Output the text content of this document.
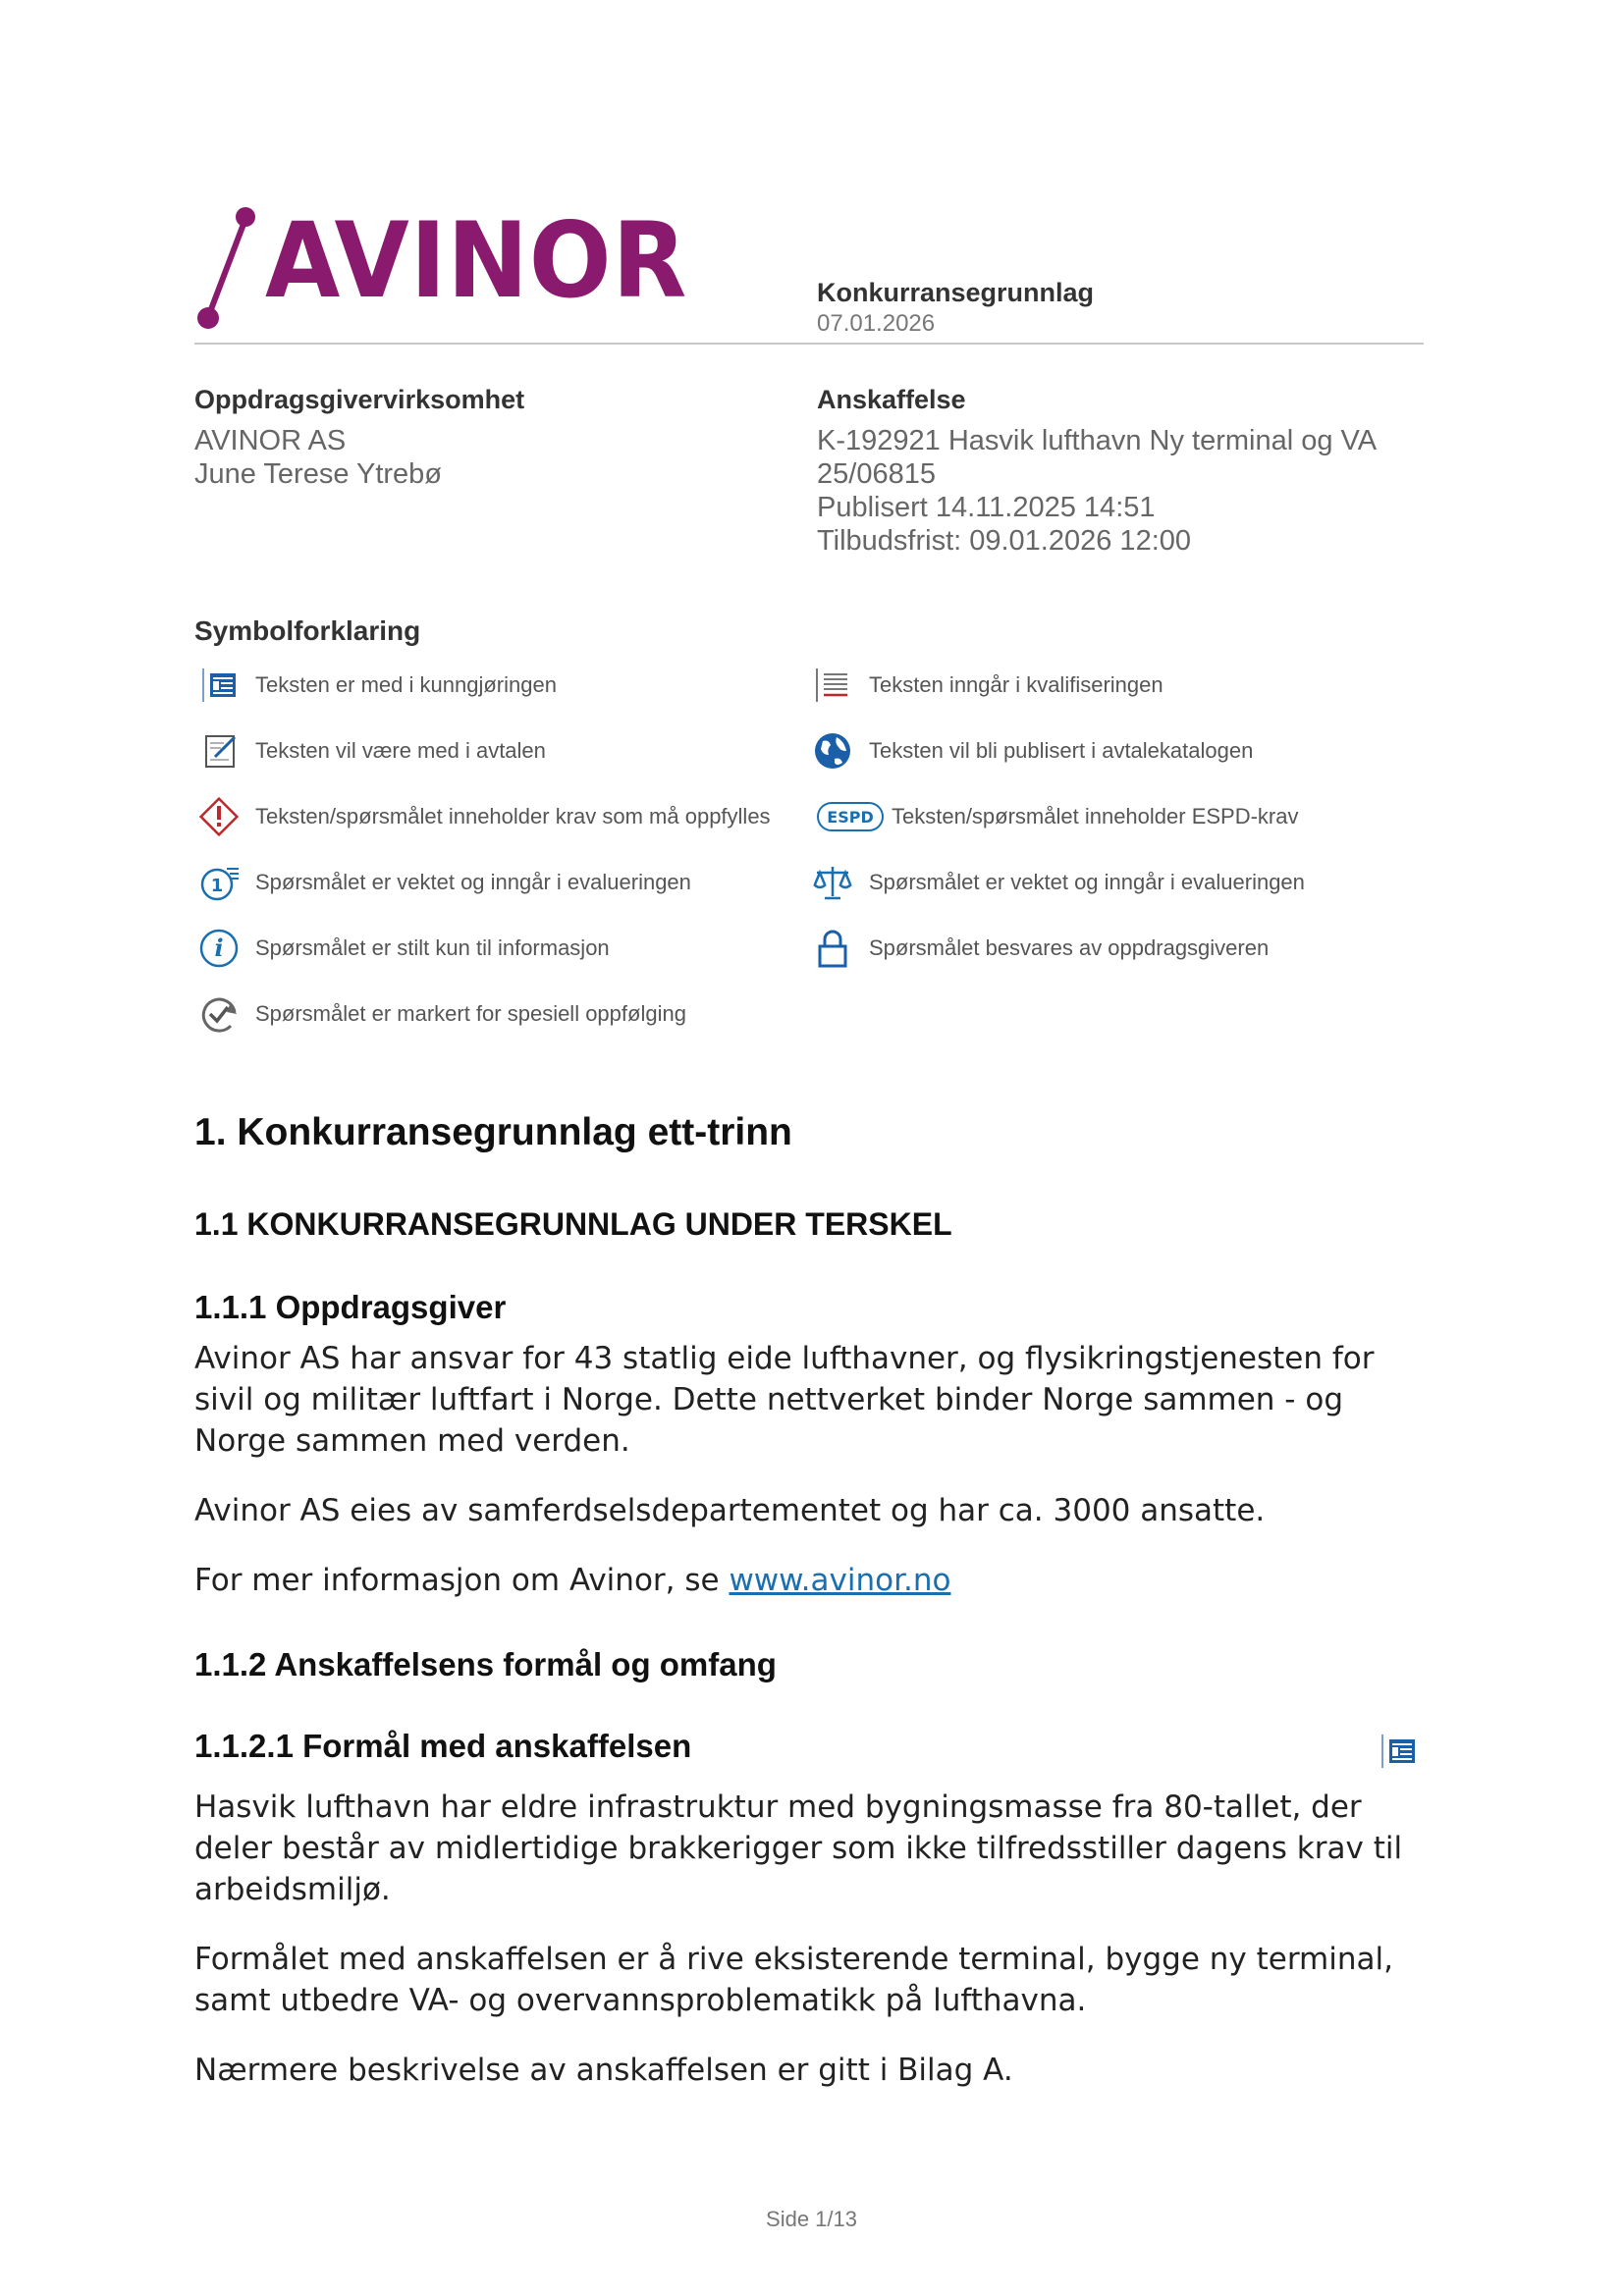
AVINOR	Konkurransegrunnlag
07.01.2026
Oppdragsgivervirksomhet
AVINOR AS
June Terese Ytrebø
Anskaffelse
K-192921 Hasvik lufthavn Ny terminal og VA
25/06815
Publisert 14.11.2025 14:51
Tilbudsfrist: 09.01.2026 12:00
Symbolforklaring
Teksten er med i kunngjøringen
Teksten vil være med i avtalen
Teksten/spørsmålet inneholder krav som må oppfylles
1 Spørsmålet er vektet og inngår i evalueringen
i Spørsmålet er stilt kun til informasjon
Spørsmålet er markert for spesiell oppfølging
Teksten inngår i kvalifiseringen
Teksten vil bli publisert i avtalekatalogen
ESPD Teksten/spørsmålet inneholder ESPD-krav
Spørsmålet er vektet og inngår i evalueringen
Spørsmålet besvares av oppdragsgiveren
1. Konkurransegrunnlag ett-trinn
1.1 KONKURRANSEGRUNNLAG UNDER TERSKEL
1.1.1 Oppdragsgiver

Avinor AS har ansvar for 43 statlig eide lufthavner, og flysikringstjenesten for sivil og militær luftfart i Norge. Dette nettverket binder Norge sammen - og Norge sammen med verden.

Avinor AS eies av samferdselsdepartementet og har ca. 3000 ansatte.

For mer informasjon om Avinor, se www.avinor.no

1.1.2 Anskaffelsens formål og omfang
1.1.2.1 Formål med anskaffelsen

Hasvik lufthavn har eldre infrastruktur med bygningsmasse fra 80-tallet, der deler består av midlertidige brakkerigger som ikke tilfredsstiller dagens krav til arbeidsmiljø.

Formålet med anskaffelsen er å rive eksisterende terminal, bygge ny terminal, samt utbedre VA- og overvannsproblematikk på lufthavna.

Nærmere beskrivelse av anskaffelsen er gitt i Bilag A.

Side 1/13
